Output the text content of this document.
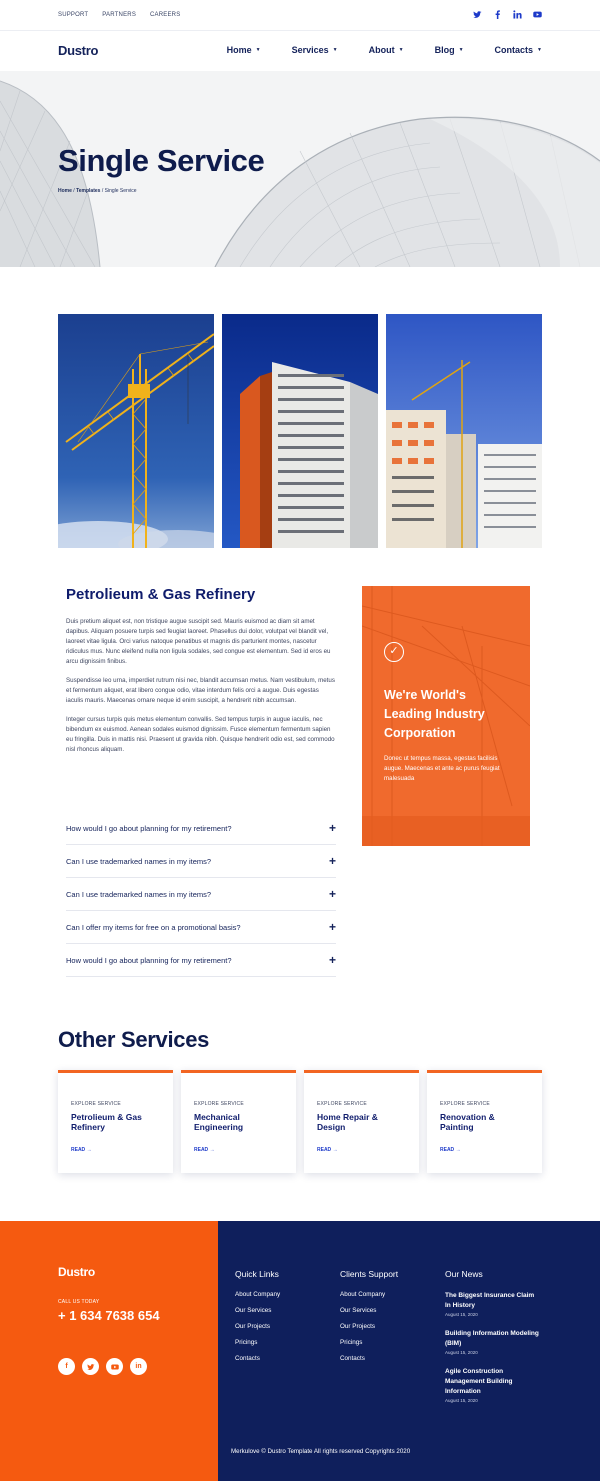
SUPPORT PARTNERS CAREERS
Dustro	Home ▼	Services ▼	About ▼	Blog ▼	Contacts ▼
Single Service
Home / Templates / Single Service
Petrolieum & Gas Refinery

Duis pretium aliquet est, non tristique augue suscipit sed. Mauris euismod ac diam sit amet dapibus. Aliquam posuere turpis sed feugiat laoreet. Phasellus dui dolor, volutpat vel blandit vel, laoreet vitae ligula. Orci varius natoque penatibus et magnis dis parturient montes, nascetur ridiculus mus. Nunc eleifend nulla non ligula sodales, sed congue est elementum. Sed id eros eu arcu dignissim finibus.

Suspendisse leo urna, imperdiet rutrum nisi nec, blandit accumsan metus. Nam vestibulum, metus et fermentum aliquet, erat libero congue odio, vitae interdum felis orci a augue. Duis egestas iaculis mauris. Maecenas ornare neque id enim suscipit, a hendrerit nibh accumsan.

Integer cursus turpis quis metus elementum convallis. Sed tempus turpis in augue iaculis, nec bibendum ex euismod. Aenean sodales euismod dignissim. Fusce elementum fermentum sapien eu fringilla. Duis in mattis nisi. Praesent ut gravida nibh. Quisque hendrerit odio est, sed commodo nisl rhoncus aliquam.

How would I go about planning for my retirement?	+
Can I use trademarked names in my items?	+
Can I use trademarked names in my items?	+
Can I offer my items for free on a promotional basis?	+
How would I go about planning for my retirement?	+
✓
We're World's Leading Industry Corporation

Donec ut tempus massa, egestas facilisis augue. Maecenas et ante ac purus feugiat malesuada

Other Services
EXPLORE SERVICE
Petrolieum & Gas Refinery
READ →
EXPLORE SERVICE
Mechanical Engineering
READ →
EXPLORE SERVICE
Home Repair & Design
READ →
EXPLORE SERVICE
Renovation & Painting
READ →
Dustro
CALL US TODAY
+ 1 634 7638 654
f	in
Quick Links
About Company
Our Services
Our Projects
Pricings
Contacts
Clients Support
About Company
Our Services
Our Projects
Pricings
Contacts
Our News
The Biggest Insurance Claim In History
August 15, 2020
Building Information Modeling (BIM)
August 15, 2020
Agile Construction Management Building Information
August 15, 2020
Merkulove © Dustro Template All rights reserved Copyrights 2020
